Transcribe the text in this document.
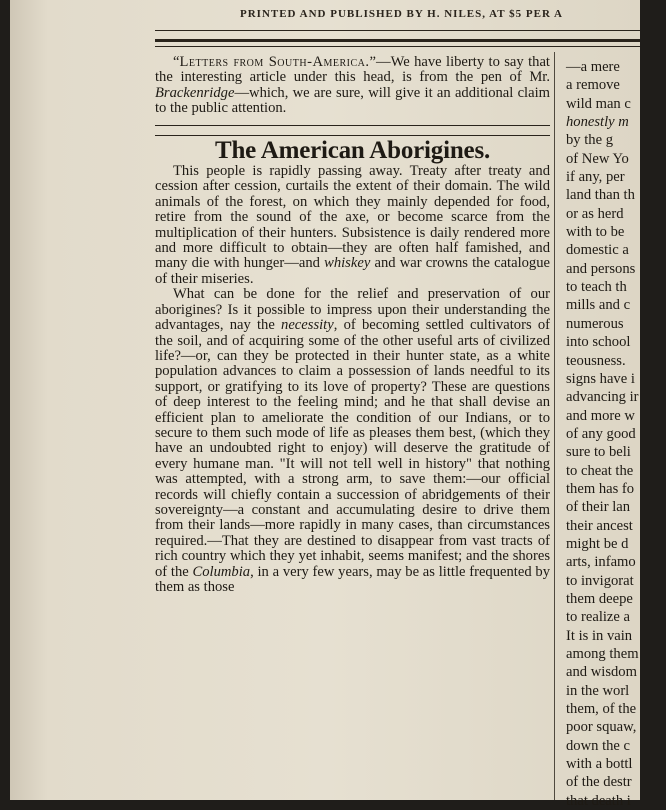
PRINTED AND PUBLISHED BY H. NILES, AT $5 PER A

“Letters from South-America.”—We have liberty to say that the interesting article under this head, is from the pen of Mr. Brackenridge—which, we are sure, will give it an additional claim to the public attention.

The American Aborigines.

This people is rapidly passing away. Treaty after treaty and cession after cession, curtails the extent of their domain. The wild animals of the forest, on which they mainly depended for food, retire from the sound of the axe, or become scarce from the multiplication of their hunters. Subsistence is daily rendered more and more difficult to obtain—they are often half famished, and many die with hunger—and whiskey and war crowns the catalogue of their miseries.

What can be done for the relief and preservation of our aborigines? Is it possible to impress upon their understanding the advantages, nay the necessity, of becoming settled cultivators of the soil, and of acquiring some of the other useful arts of civilized life?—or, can they be protected in their hunter state, as a white population advances to claim a possession of lands needful to its support, or gratifying to its love of property? These are questions of deep interest to the feeling mind; and he that shall devise an efficient plan to ameliorate the condition of our Indians, or to secure to them such mode of life as pleases them best, (which they have an undoubted right to enjoy) will deserve the gratitude of every humane man. "It will not tell well in history" that nothing was attempted, with a strong arm, to save them:—our official records will chiefly contain a succession of abridgements of their sovereignty—a constant and accumulating desire to drive them from their lands—more rapidly in many cases, than circumstances required.—That they are destined to disappear from vast tracts of rich country which they yet inhabit, seems manifest; and the shores of the Columbia, in a very few years, may be as little frequented by them as those

—a mere
a remove
wild man c
honestly m
by the g
of New Yo
if any, per
land than th
or as herd
with to be
domestic a
and persons
to teach th
mills and c
numerous
into school
teousness.
signs have i
advancing ir
and more w
of any good
sure to beli
to cheat the
them has fo
of their lan
their ancest
might be d
arts, infamo
to invigorat
them deepe
to realize a
It is in vain
among them
and wisdom
in the worl
them, of the
poor squaw,
down the c
with a bottl
of the destr
that death i
